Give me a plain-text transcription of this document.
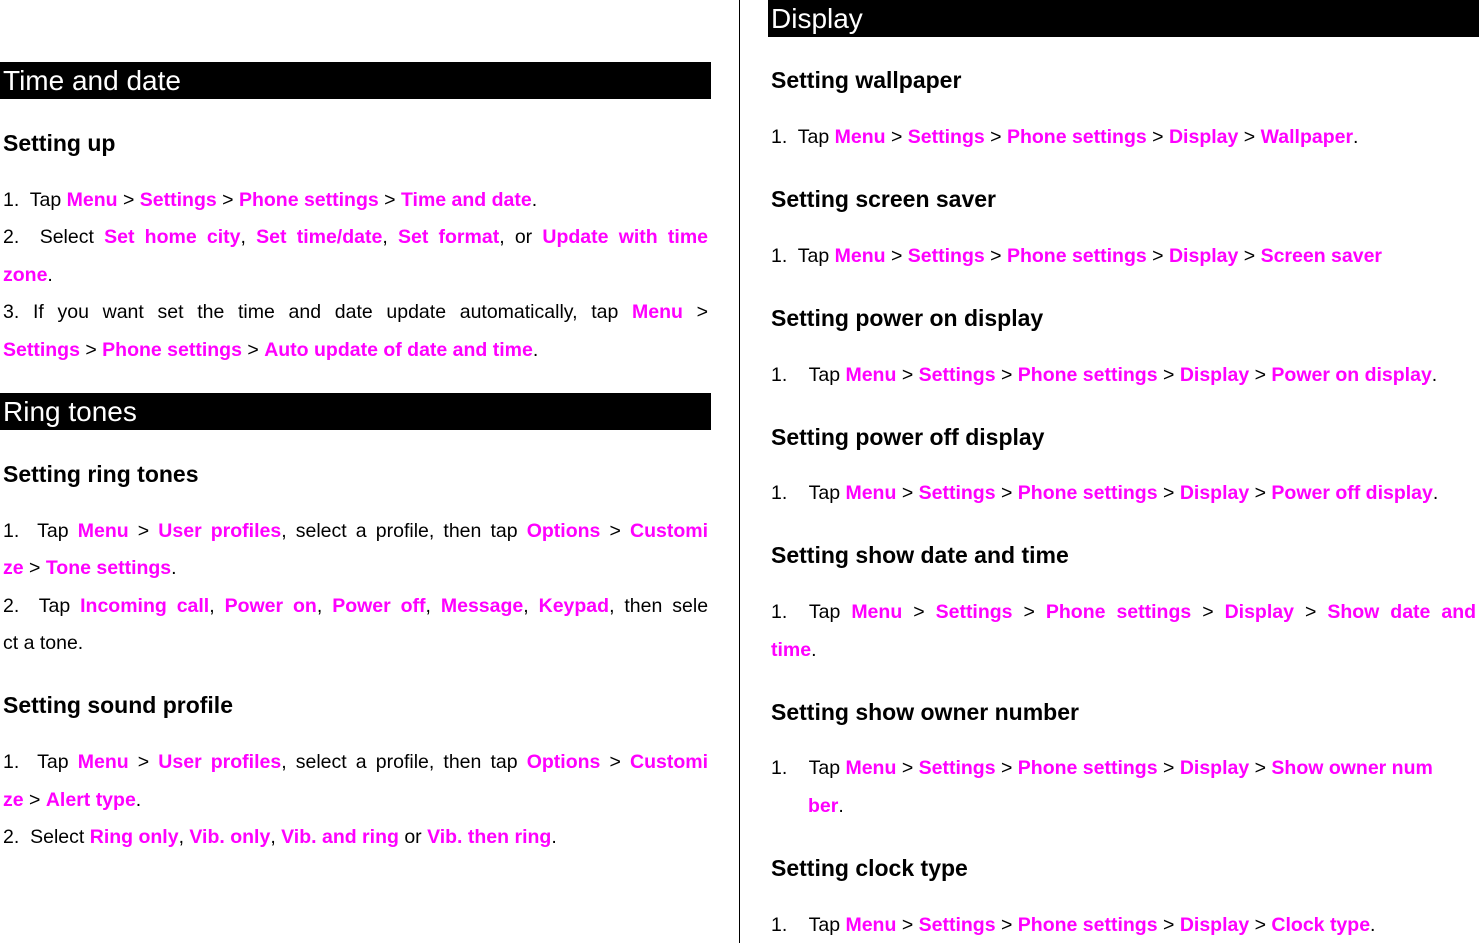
Time and date
Setting up
1. Tap Menu > Settings > Phone settings > Time and date.
2. Select Set home city, Set time/date, Set format, or Update with time
zone.
3. If you want set the time and date update automatically, tap Menu >
Settings > Phone settings > Auto update of date and time.
Ring tones
Setting ring tones
1. Tap Menu > User profiles, select a profile, then tap Options > Customi
ze > Tone settings.
2. Tap Incoming call, Power on, Power off, Message, Keypad, then sele
ct a tone.
Setting sound profile
1. Tap Menu > User profiles, select a profile, then tap Options > Customi
ze > Alert type.
2. Select Ring only, Vib. only, Vib. and ring or Vib. then ring.
Display
Setting wallpaper
1. Tap Menu > Settings > Phone settings > Display > Wallpaper.
Setting screen saver
1. Tap Menu > Settings > Phone settings > Display > Screen saver
Setting power on display
1. Tap Menu > Settings > Phone settings > Display > Power on display.
Setting power off display
1. Tap Menu > Settings > Phone settings > Display > Power off display.
Setting show date and time
1. Tap Menu > Settings > Phone settings > Display > Show date and
time.
Setting show owner number
1. Tap Menu > Settings > Phone settings > Display > Show owner num
ber.
Setting clock type
1. Tap Menu > Settings > Phone settings > Display > Clock type.
